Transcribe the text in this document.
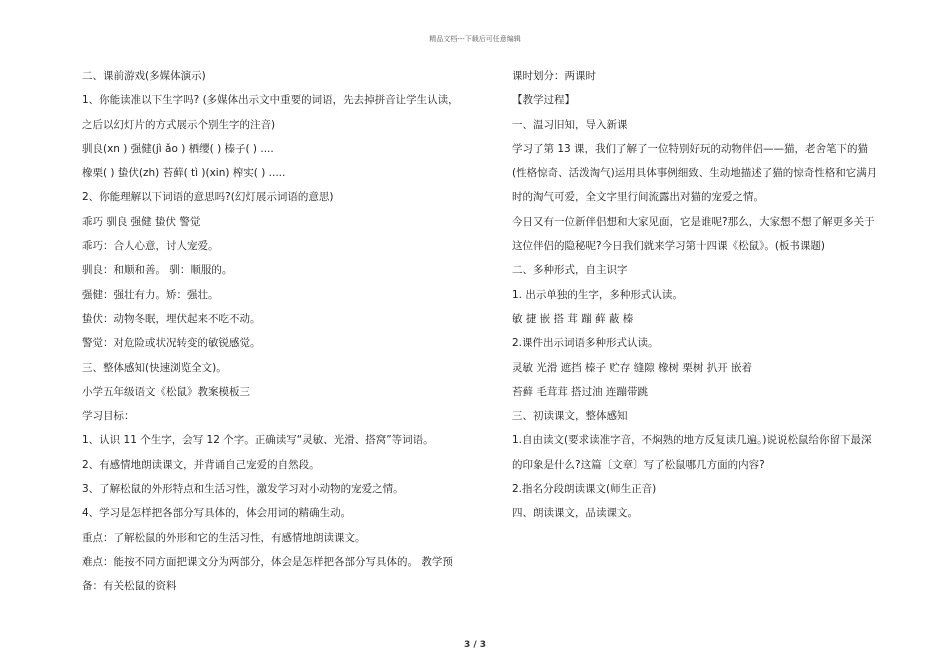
精品文档---下载后可任意编辑

二、课前游戏(多媒体演示)

1、你能读准以下生字吗? (多媒体出示文中重要的词语，先去掉拼音让学生认读，之后以幻灯片的方式展示个别生字的注音)

驯良(xn ) 强健(jì ǎo ) 栖缨( ) 榛子( ) ....

橡栗( ) 蛰伏(zh) 苔藓( tì )(xin) 榨实( ) .....

2、你能理解以下词语的意思吗?(幻灯展示词语的意思)

乖巧 驯良 强健 蛰伏 警觉

乖巧：合人心意，讨人宠爱。

驯良：和顺和善。 驯：顺服的。

强健：强壮有力。矫：强壮。

蛰伏：动物冬眠，埋伏起来不吃不动。

警觉：对危险或状况转变的敏锐感觉。

三、整体感知(快速浏览全文)。

小学五年级语文《松鼠》教案模板三

学习目标：

1、认识 11 个生字，会写 12 个字。正确读写“灵敏、光滑、搭窝”等词语。

2、有感情地朗读课文，并背诵自己宠爱的自然段。

3、了解松鼠的外形特点和生活习性，激发学习对小动物的宠爱之情。

4、学习是怎样把各部分写具体的，体会用词的精确生动。

重点：了解松鼠的外形和它的生活习性，有感情地朗读课文。

难点：能按不同方面把课文分为两部分，体会是怎样把各部分写具体的。 教学预备：有关松鼠的资料

课时划分：两课时

【教学过程】

一、温习旧知，导入新课

学习了第 13 课，我们了解了一位特别好玩的动物伴侣——猫，老舍笔下的猫(性格惊奇、活泼淘气)运用具体事例细致、生动地描述了猫的惊奇性格和它满月时的淘气可爱，全文字里行间流露出对猫的宠爱之情。

今日又有一位新伴侣想和大家见面，它是谁呢?那么，大家想不想了解更多关于这位伴侣的隐秘呢?今日我们就来学习第十四课《松鼠》。(板书课题)

二、多种形式，自主识字

1. 出示单独的生字，多种形式认读。

敏 捷 嵌 搭 茸 蹦 藓 蔽 榛

2.课件出示词语多种形式认读。

灵敏 光滑 遮挡 榛子 贮存 缝隙 橡树 栗树 扒开 嵌着

苔藓 毛茸茸 搭过油 连蹦带跳

三、初读课文，整体感知

1.自由读文(要求读准字音，不焖熟的地方反复读几遍。)说说松鼠给你留下最深的印象是什么?这篇〔文章〕写了松鼠哪几方面的内容?

2.指名分段朗读课文(师生正音)

四、朗读课文，品读课文。

3 / 3
